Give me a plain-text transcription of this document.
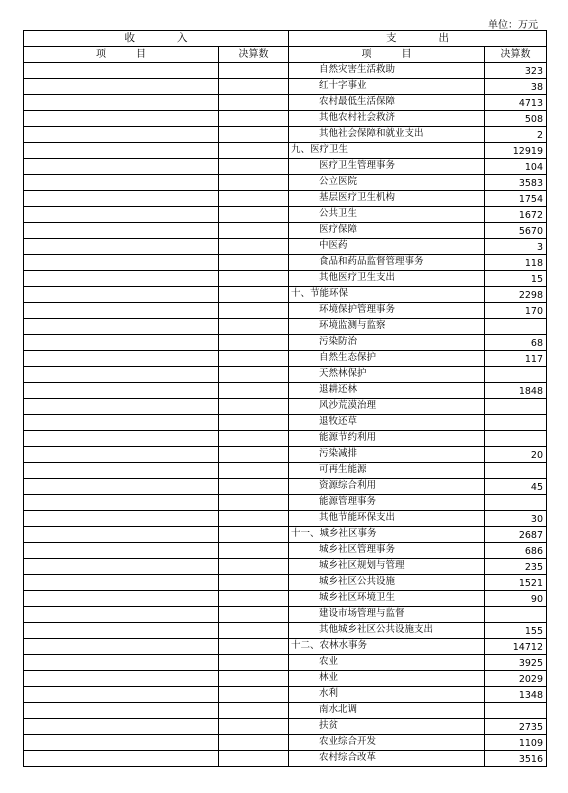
单位：万元
收　　　　入		支　　　　出	
项　　　目	决算数	项　　　目	决算数
		自然灾害生活救助	323
		红十字事业	38
		农村最低生活保障	4713
		其他农村社会救济	508
		其他社会保障和就业支出	2
		九、医疗卫生	12919
		医疗卫生管理事务	104
		公立医院	3583
		基层医疗卫生机构	1754
		公共卫生	1672
		医疗保障	5670
		中医药	3
		食品和药品监督管理事务	118
		其他医疗卫生支出	15
		十、节能环保	2298
		环境保护管理事务	170
		环境监测与监察	
		污染防治	68
		自然生态保护	117
		天然林保护	
		退耕还林	1848
		风沙荒漠治理	
		退牧还草	
		能源节约利用	
		污染减排	20
		可再生能源	
		资源综合利用	45
		能源管理事务	
		其他节能环保支出	30
		十一、城乡社区事务	2687
		城乡社区管理事务	686
		城乡社区规划与管理	235
		城乡社区公共设施	1521
		城乡社区环境卫生	90
		建设市场管理与监督	
		其他城乡社区公共设施支出	155
		十二、农林水事务	14712
		农业	3925
		林业	2029
		水利	1348
		南水北调	
		扶贫	2735
		农业综合开发	1109
		农村综合改革	3516
